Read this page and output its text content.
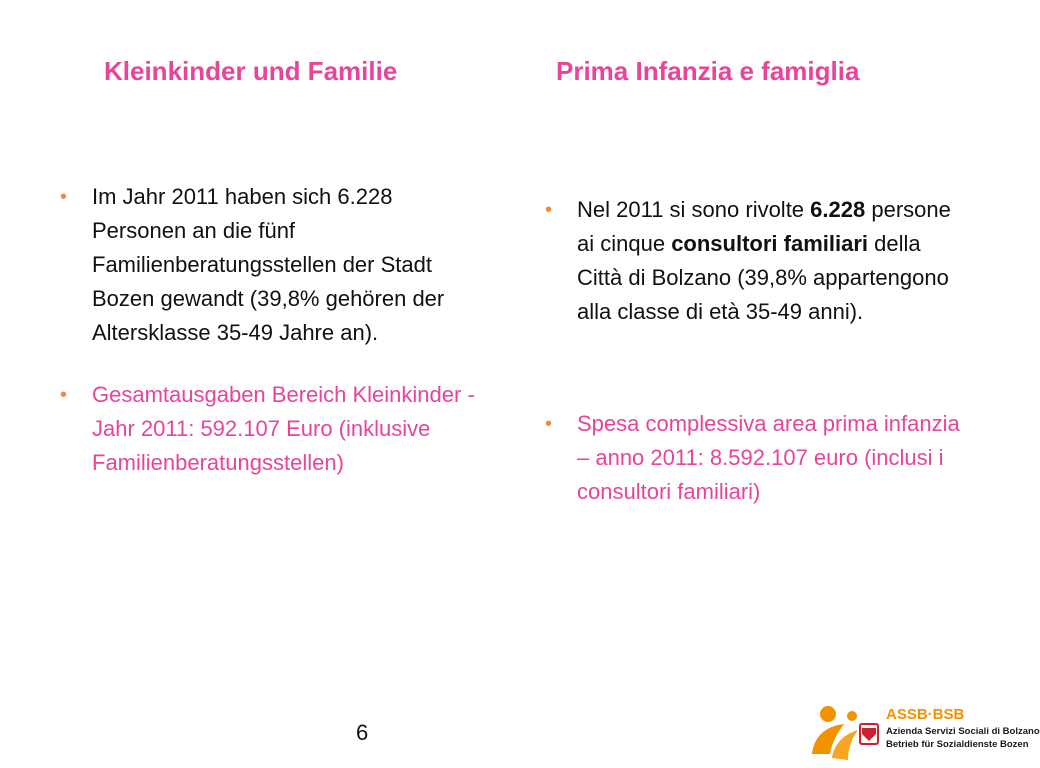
Kleinkinder und Familie	Prima Infanzia e famiglia
• Im Jahr 2011 haben sich 6.228 Personen an die fünf Familienberatungsstellen der Stadt Bozen gewandt (39,8% gehören der Altersklasse 35-49 Jahre an).
• Gesamtausgaben Bereich Kleinkinder - Jahr 2011: 592.107 Euro (inklusive Familienberatungsstellen)
• Nel 2011 si sono rivolte 6.228 persone ai cinque consultori familiari della Città di Bolzano (39,8% appartengono alla classe di età 35-49 anni).
• Spesa complessiva area prima infanzia – anno 2011: 8.592.107 euro (inclusi i consultori familiari)
6
ASSB·BSB
Azienda Servizi Sociali di Bolzano
Betrieb für Sozialdienste Bozen
